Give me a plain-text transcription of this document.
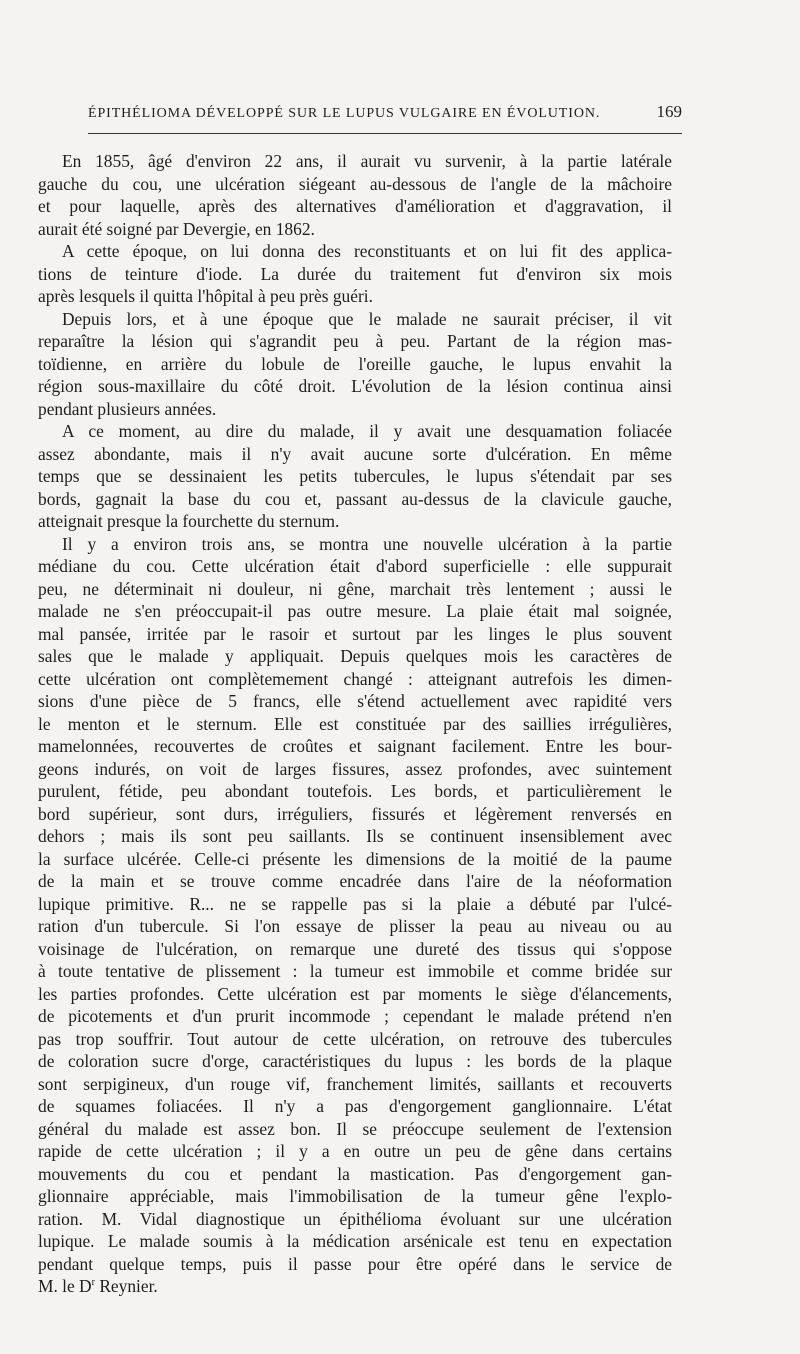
ÉPITHÉLIOMA DÉVELOPPÉ SUR LE LUPUS VULGAIRE EN ÉVOLUTION.	169
En 1855, âgé d'environ 22 ans, il aurait vu survenir, à la partie latérale
gauche du cou, une ulcération siégeant au-dessous de l'angle de la mâchoire
et pour laquelle, après des alternatives d'amélioration et d'aggravation, il
aurait été soigné par Devergie, en 1862.
A cette époque, on lui donna des reconstituants et on lui fit des applica-
tions de teinture d'iode. La durée du traitement fut d'environ six mois
après lesquels il quitta l'hôpital à peu près guéri.
Depuis lors, et à une époque que le malade ne saurait préciser, il vit
reparaître la lésion qui s'agrandit peu à peu. Partant de la région mas-
toïdienne, en arrière du lobule de l'oreille gauche, le lupus envahit la
région sous-maxillaire du côté droit. L'évolution de la lésion continua ainsi
pendant plusieurs années.
A ce moment, au dire du malade, il y avait une desquamation foliacée
assez abondante, mais il n'y avait aucune sorte d'ulcération. En même
temps que se dessinaient les petits tubercules, le lupus s'étendait par ses
bords, gagnait la base du cou et, passant au-dessus de la clavicule gauche,
atteignait presque la fourchette du sternum.
Il y a environ trois ans, se montra une nouvelle ulcération à la partie
médiane du cou. Cette ulcération était d'abord superficielle : elle suppurait
peu, ne déterminait ni douleur, ni gêne, marchait très lentement ; aussi le
malade ne s'en préoccupait-il pas outre mesure. La plaie était mal soignée,
mal pansée, irritée par le rasoir et surtout par les linges le plus souvent
sales que le malade y appliquait. Depuis quelques mois les caractères de
cette ulcération ont complètemement changé : atteignant autrefois les dimen-
sions d'une pièce de 5 francs, elle s'étend actuellement avec rapidité vers
le menton et le sternum. Elle est constituée par des saillies irrégulières,
mamelonnées, recouvertes de croûtes et saignant facilement. Entre les bour-
geons indurés, on voit de larges fissures, assez profondes, avec suintement
purulent, fétide, peu abondant toutefois. Les bords, et particulièrement le
bord supérieur, sont durs, irréguliers, fissurés et légèrement renversés en
dehors ; mais ils sont peu saillants. Ils se continuent insensiblement avec
la surface ulcérée. Celle-ci présente les dimensions de la moitié de la paume
de la main et se trouve comme encadrée dans l'aire de la néoformation
lupique primitive. R... ne se rappelle pas si la plaie a débuté par l'ulcé-
ration d'un tubercule. Si l'on essaye de plisser la peau au niveau ou au
voisinage de l'ulcération, on remarque une dureté des tissus qui s'oppose
à toute tentative de plissement : la tumeur est immobile et comme bridée sur
les parties profondes. Cette ulcération est par moments le siège d'élancements,
de picotements et d'un prurit incommode ; cependant le malade prétend n'en
pas trop souffrir. Tout autour de cette ulcération, on retrouve des tubercules
de coloration sucre d'orge, caractéristiques du lupus : les bords de la plaque
sont serpigineux, d'un rouge vif, franchement limités, saillants et recouverts
de squames foliacées. Il n'y a pas d'engorgement ganglionnaire. L'état
général du malade est assez bon. Il se préoccupe seulement de l'extension
rapide de cette ulcération ; il y a en outre un peu de gêne dans certains
mouvements du cou et pendant la mastication. Pas d'engorgement gan-
glionnaire appréciable, mais l'immobilisation de la tumeur gêne l'explo-
ration. M. Vidal diagnostique un épithélioma évoluant sur une ulcération
lupique. Le malade soumis à la médication arsénicale est tenu en expectation
pendant quelque temps, puis il passe pour être opéré dans le service de
M. le $D^r$ Reynier.
